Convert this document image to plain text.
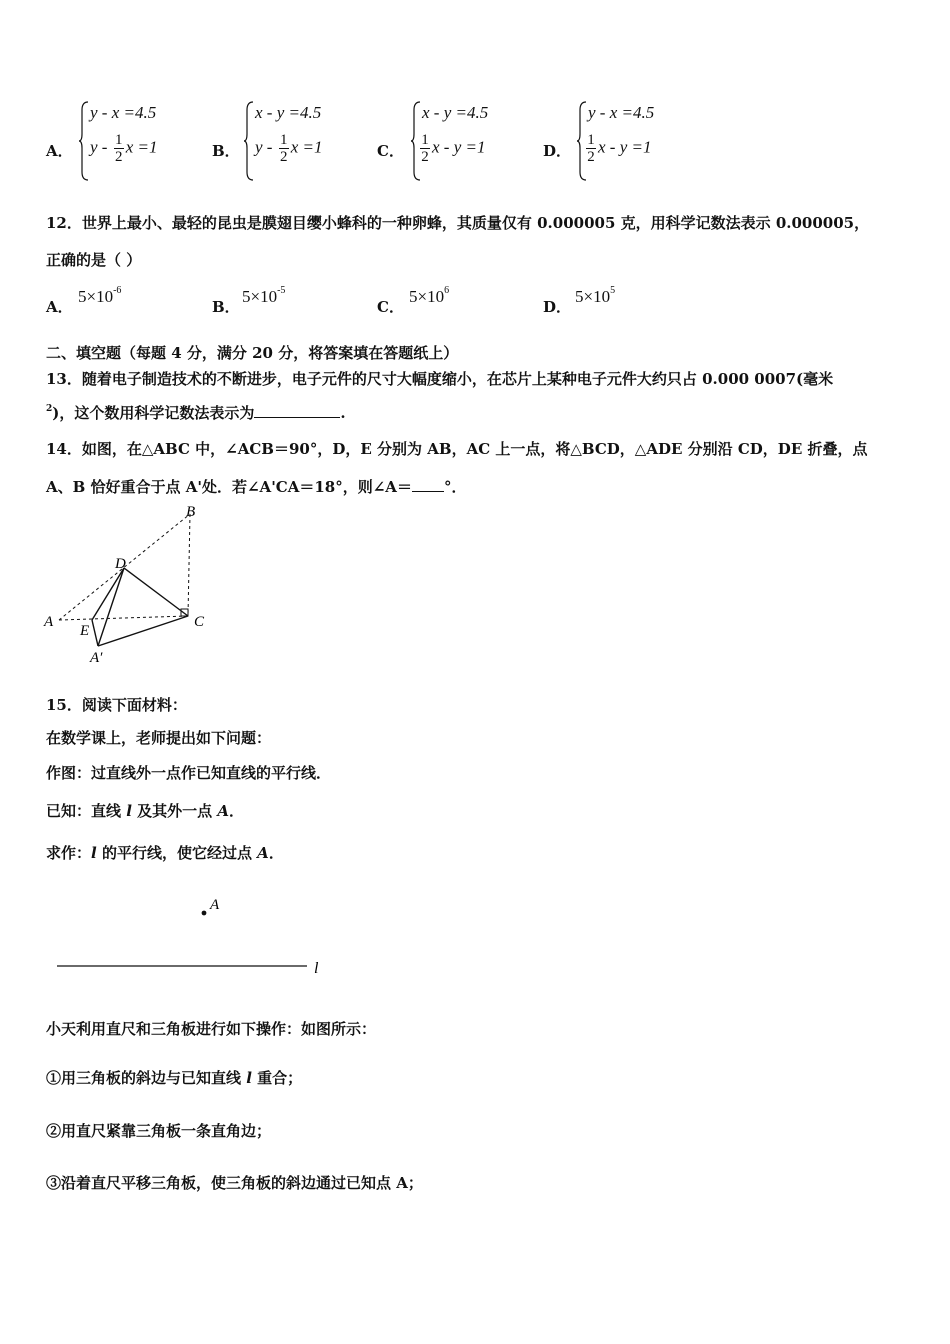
A．
y - x =4.5
y - $\frac{1}{2}$ x =1	B．
x - y =4.5
y - $\frac{1}{2}$ x =1	C．
x - y =4.5
$\frac{1}{2}$ x - y =1	D．
y - x =4.5
$\frac{1}{2}$ x - y =1
12．世界上最小、最轻的昆虫是膜翅目缨小蜂科的一种卵蜂，其质量仅有 0.000005 克，用科学记数法表示 0.000005，
正确的是（ ）
A．
$5\times 10^{-6}$
B．
$5\times 10^{-5}$
C．
$5\times 10^6$
D．
$5\times 10^5$
二、填空题（每题 4 分，满分 20 分，将答案填在答题纸上）
13．随着电子制造技术的不断进步，电子元件的尺寸大幅度缩小，在芯片上某种电子元件大约只占 0.000 0007(毫米
$^2$)，这个数用科学记数法表示为	.
14．如图，在△ABC 中，∠ACB＝90°，D，E 分别为 AB，AC 上一点，将△BCD，△ADE 分别沿 CD，DE 折叠，点
A、B 恰好重合于点 A'处．若∠A'CA＝18°，则∠A＝ °．
A
B
C
D
E
A′
15．阅读下面材料：
在数学课上，老师提出如下问题：
作图：过直线外一点作已知直线的平行线．
已知：直线 l 及其外一点 A．
求作：l 的平行线，使它经过点 A．
A
l
小天利用直尺和三角板进行如下操作：如图所示：
①用三角板的斜边与已知直线 l 重合；
②用直尺紧靠三角板一条直角边；
③沿着直尺平移三角板，使三角板的斜边通过已知点 A；
